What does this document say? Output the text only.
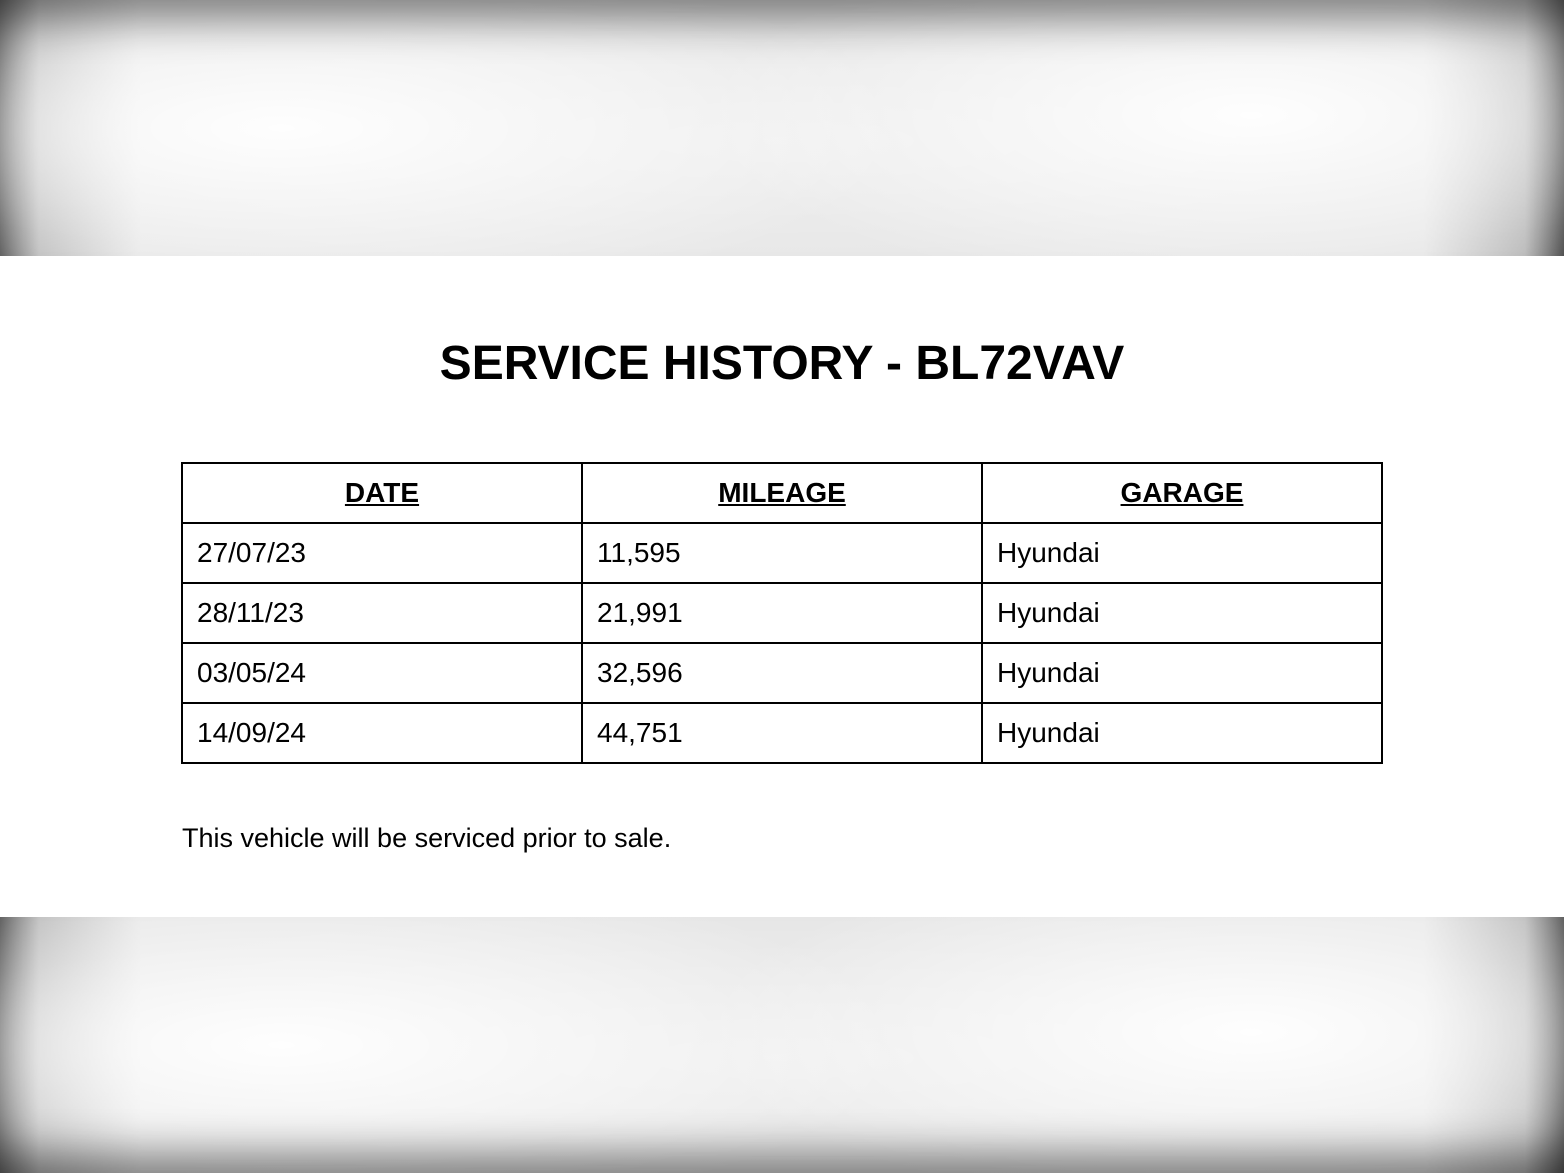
SERVICE HISTORY - BL72VAV
DATE	MILEAGE	GARAGE
27/07/23	11,595	Hyundai
28/11/23	21,991	Hyundai
03/05/24	32,596	Hyundai
14/09/24	44,751	Hyundai
This vehicle will be serviced prior to sale.
